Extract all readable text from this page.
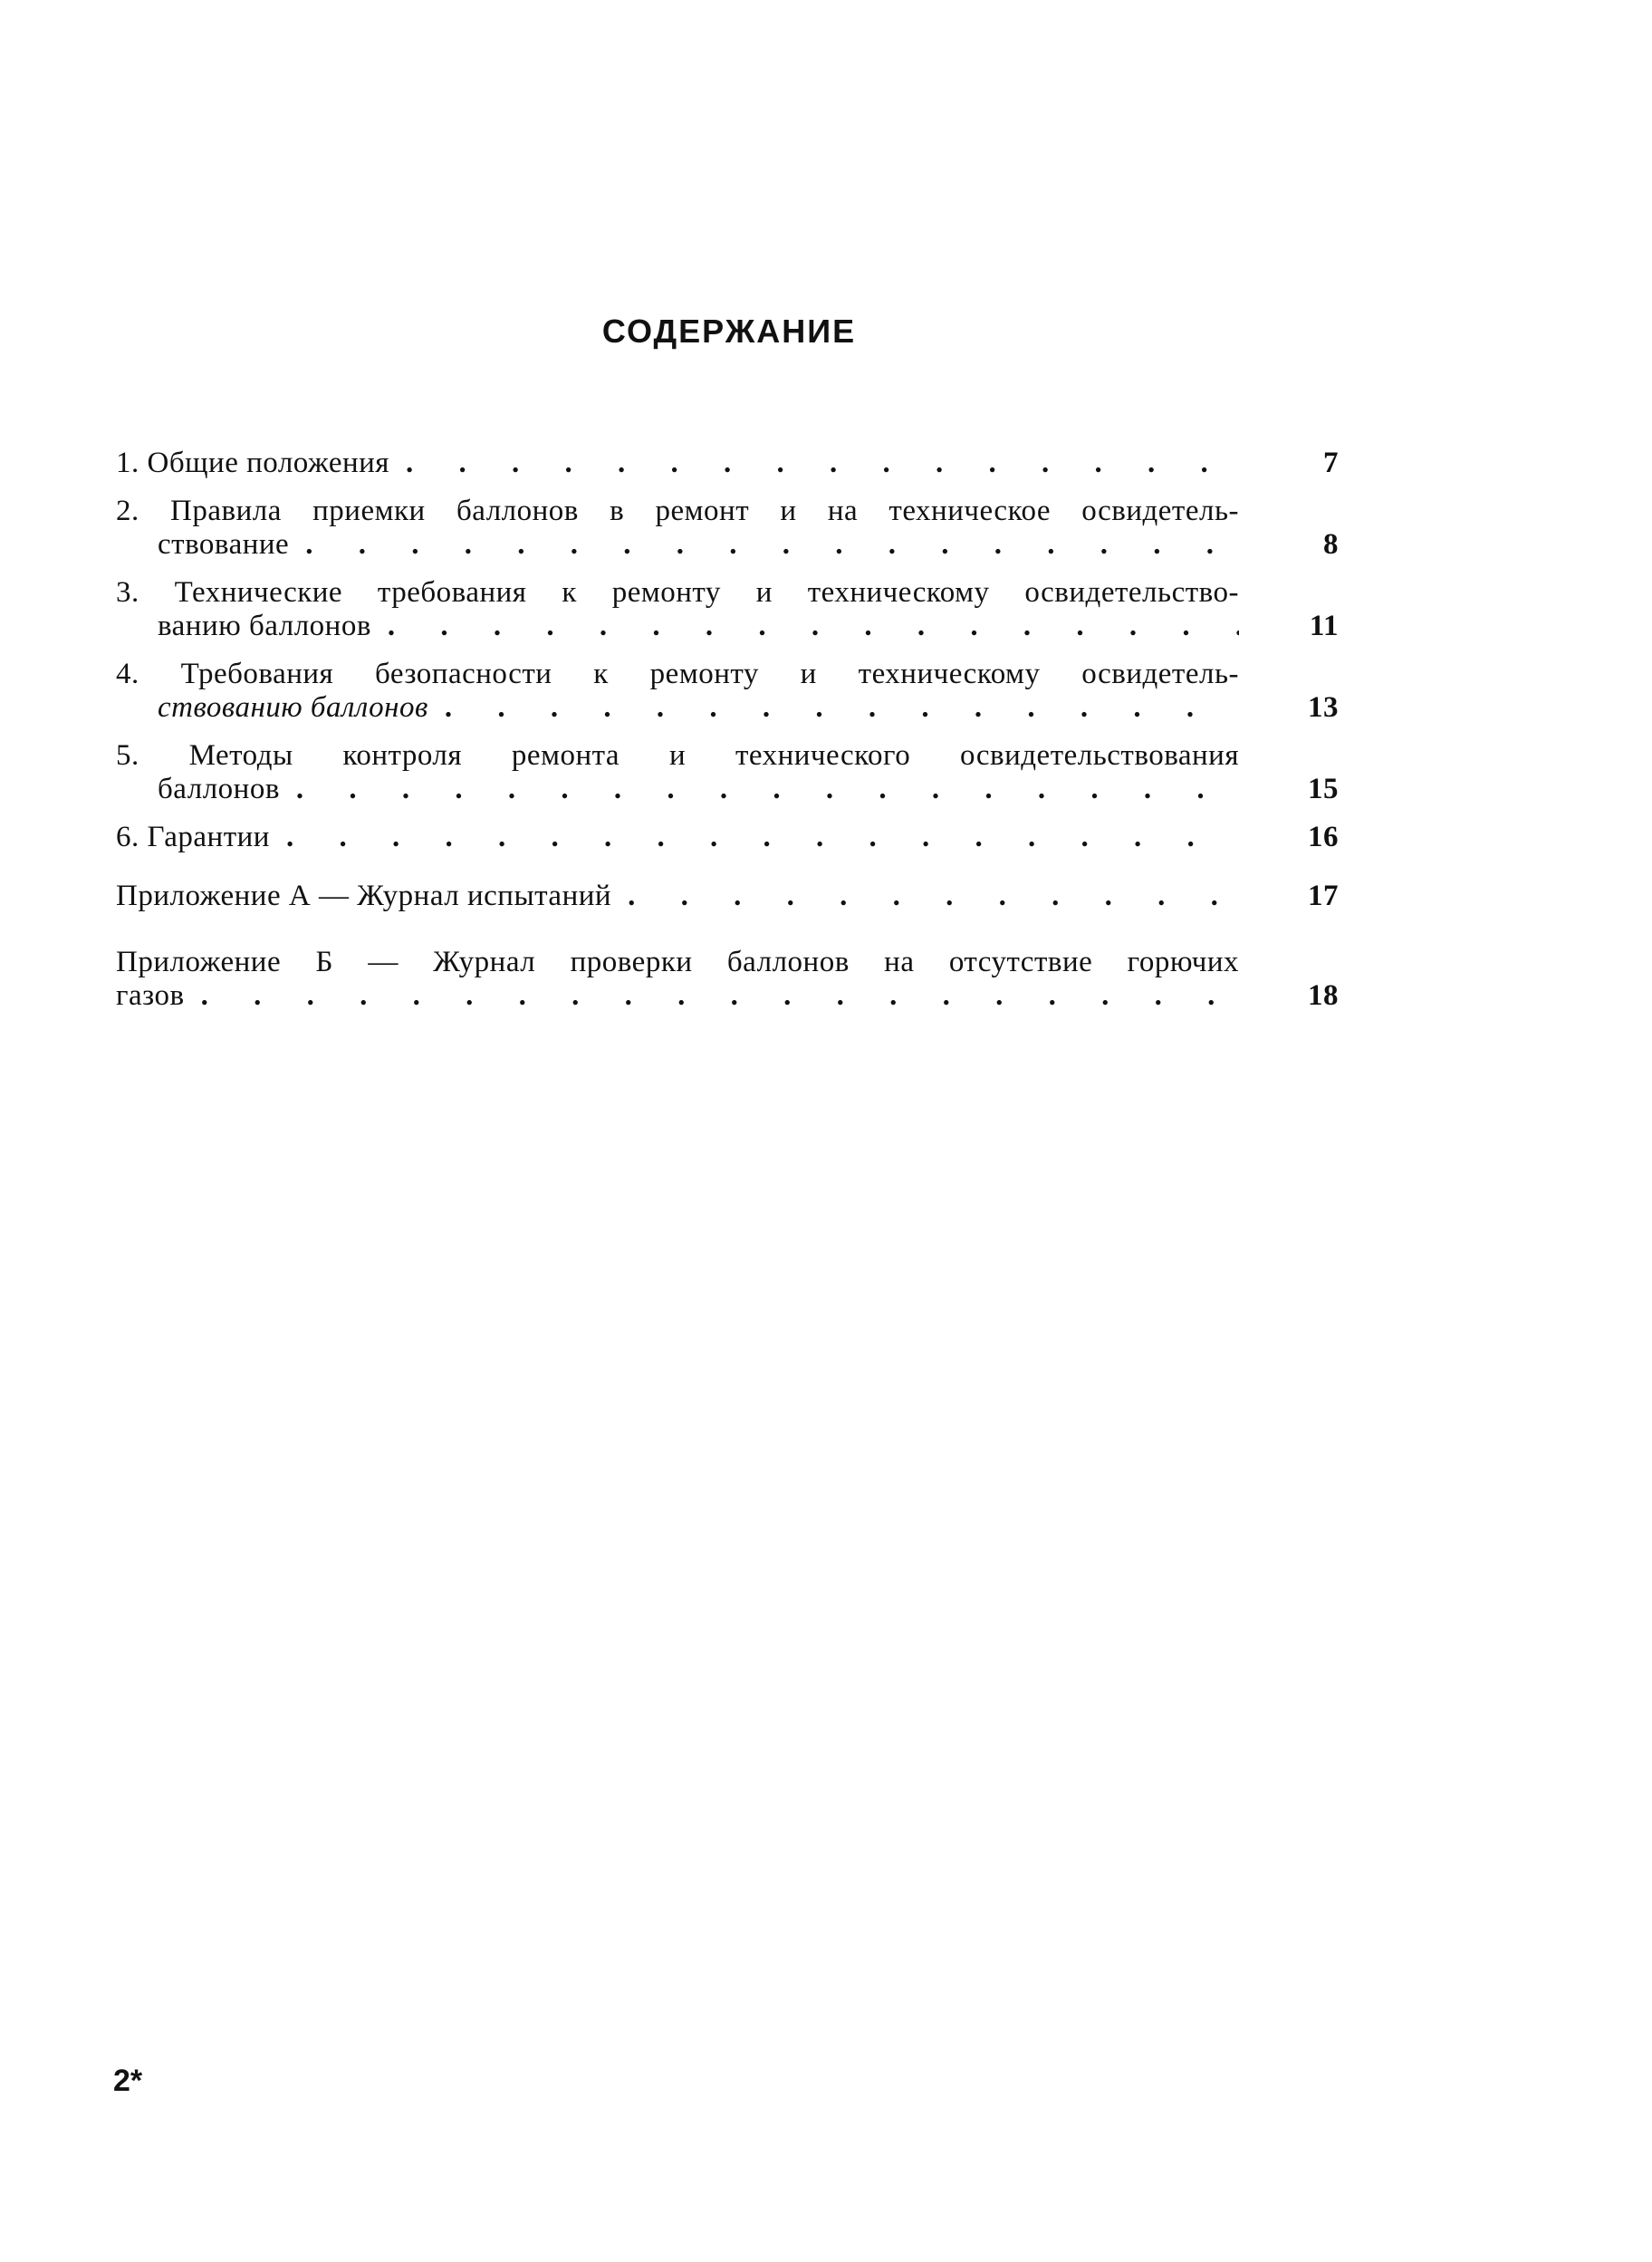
СОДЕРЖАНИЕ
1.
Общие положения . . .	7
2. Правила приемки баллонов в ремонт и на техническое освидетель-
ствование . . .	8
3. Технические требования к ремонту и техническому освидетельство-
ванию баллонов . . .	11
4. Требования безопасности к ремонту и техническому освидетель-
ствованию баллонов . . .	13
5. Методы контроля ремонта и технического освидетельствования
баллонов . . .	15
6.
Гарантии . . .	16
Приложение А — Журнал испытаний . . .	17
Приложение Б — Журнал проверки баллонов на отсутствие горючих
газов . . .	18
2*
